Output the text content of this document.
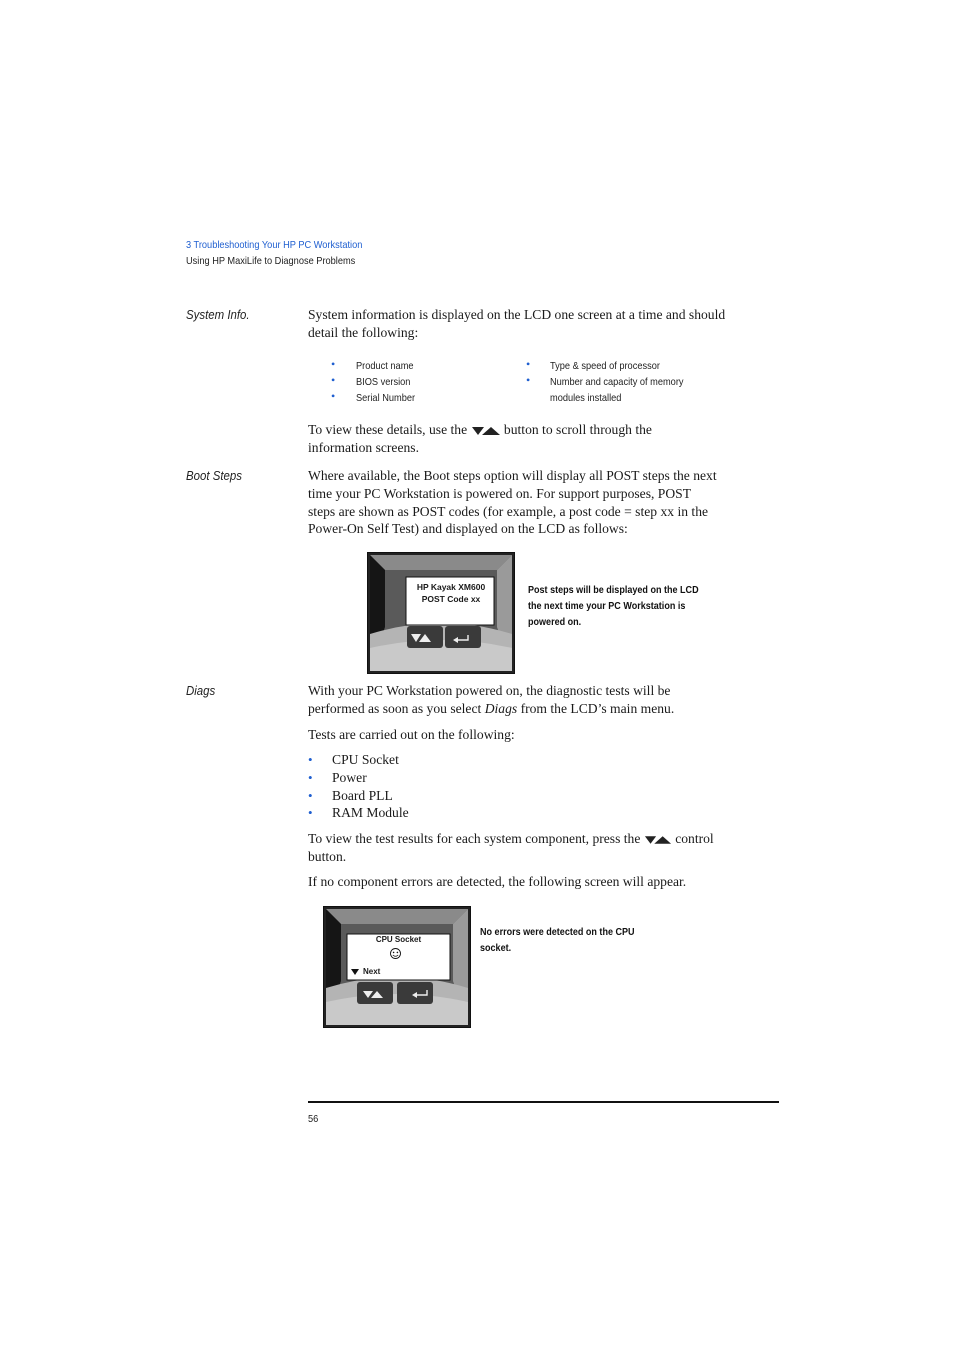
3 Troubleshooting Your HP PC Workstation
Using HP MaxiLife to Diagnose Problems
System Info.	System information is displayed on the LCD one screen at a time and should
detail the following:
• Product name
• BIOS version
• Serial Number
• Type & speed of processor
• Number and capacity of memory
modules installed
To view these details, use the	button to scroll through the
information screens.
Boot Steps	Where available, the Boot steps option will display all POST steps the next
time your PC Workstation is powered on. For support purposes, POST
steps are shown as POST codes (for example, a post code = step xx in the
Power-On Self Test) and displayed on the LCD as follows:
HP Kayak XM600
POST Code xx
Post steps will be displayed on the LCD
the next time your PC Workstation is
powered on.
Diags	With your PC Workstation powered on, the diagnostic tests will be
performed as soon as you select Diags from the LCD’s main menu.
Tests are carried out on the following:
• CPU Socket
• Power
• Board PLL
• RAM Module
To view the test results for each system component, press the	control
button.
If no component errors are detected, the following screen will appear.
CPU Socket
Next
No errors were detected on the CPU
socket.
56
